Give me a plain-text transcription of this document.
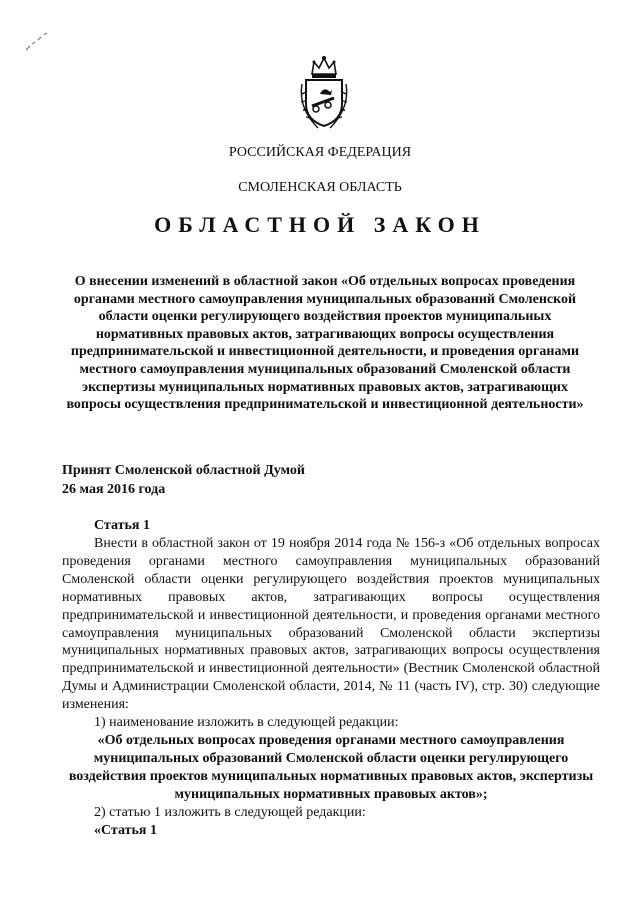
РОССИЙСКАЯ ФЕДЕРАЦИЯ
СМОЛЕНСКАЯ ОБЛАСТЬ
ОБЛАСТНОЙ ЗАКОН
О внесении изменений в областной закон «Об отдельных вопросах проведения органами местного самоуправления муниципальных образований Смоленской области оценки регулирующего воздействия проектов муниципальных нормативных правовых актов, затрагивающих вопросы осуществления предпринимательской и инвестиционной деятельности, и проведения органами местного самоуправления муниципальных образований Смоленской области экспертизы муниципальных нормативных правовых актов, затрагивающих вопросы осуществления предпринимательской и инвестиционной деятельности»
Принят Смоленской областной Думой
26 мая 2016 года
Статья 1

Внести в областной закон от 19 ноября 2014 года № 156-з «Об отдельных вопросах проведения органами местного самоуправления муниципальных образований Смоленской области оценки регулирующего воздействия проектов муниципальных нормативных правовых актов, затрагивающих вопросы осуществления предпринимательской и инвестиционной деятельности, и проведения органами местного самоуправления муниципальных образований Смоленской области экспертизы муниципальных нормативных правовых актов, затрагивающих вопросы осуществления предпринимательской и инвестиционной деятельности» (Вестник Смоленской областной Думы и Администрации Смоленской области, 2014, № 11 (часть IV), стр. 30) следующие изменения:

1) наименование изложить в следующей редакции:

«Об отдельных вопросах проведения органами местного самоуправления муниципальных образований Смоленской области оценки регулирующего воздействия проектов муниципальных нормативных правовых актов, экспертизы муниципальных нормативных правовых актов»;

2) статью 1 изложить в следующей редакции:

«Статья 1
